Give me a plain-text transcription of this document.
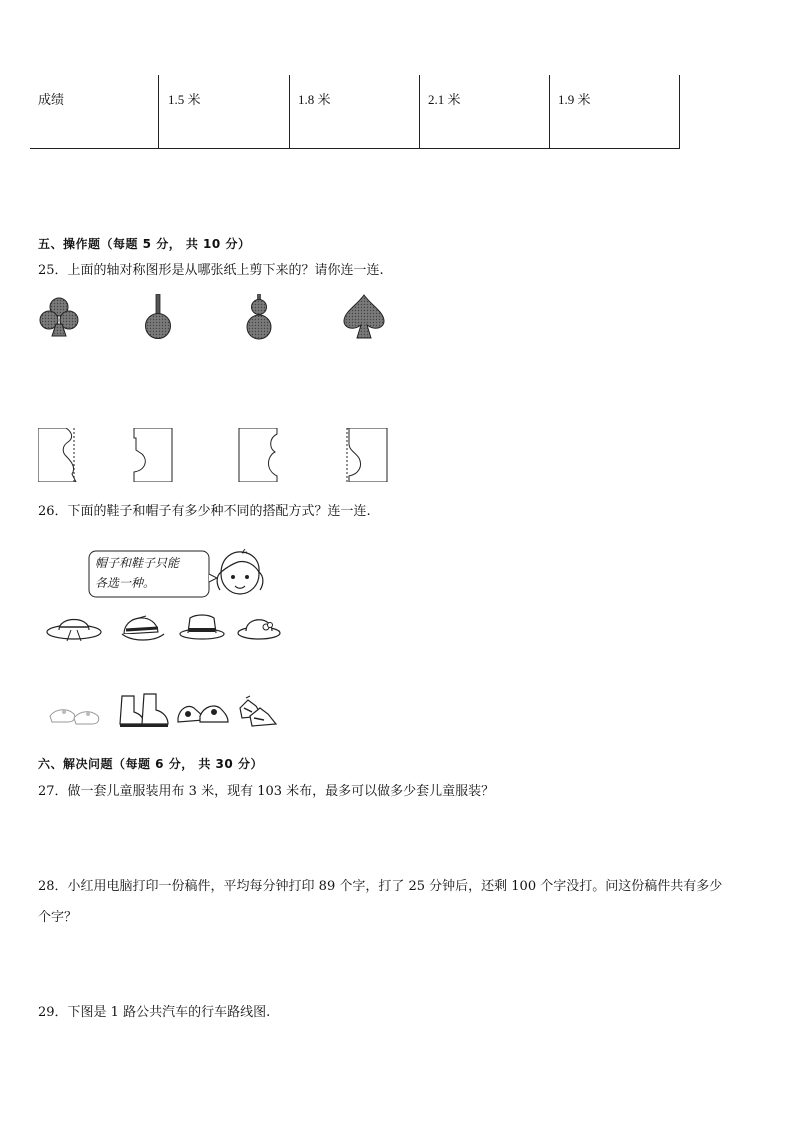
成绩	1.5 米	1.8 米	2.1 米	1.9 米
五、操作题（每题 5 分， 共 10 分）
25．上面的轴对称图形是从哪张纸上剪下来的？请你连一连.
26．下面的鞋子和帽子有多少种不同的搭配方式？连一连.
帽子和鞋子只能
各选一种。
六、解决问题（每题 6 分， 共 30 分）
27．做一套儿童服装用布 3 米，现有 103 米布，最多可以做多少套儿童服装？
28．小红用电脑打印一份稿件，平均每分钟打印 89 个字，打了 25 分钟后，还剩 100 个字没打。问这份稿件共有多少
个字？
29．下图是 1 路公共汽车的行车路线图.
